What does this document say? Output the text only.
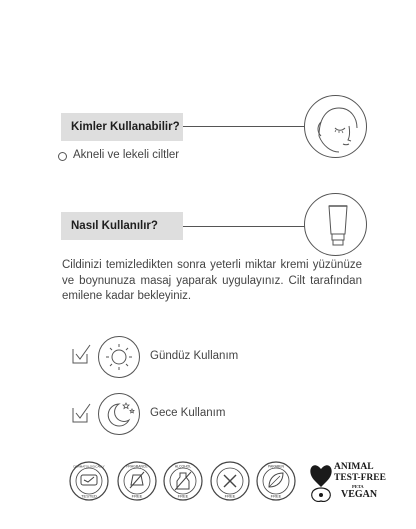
Kimler Kullanabilir?
Akneli ve lekeli ciltler
Nasıl Kullanılır?

Cildinizi temizledikten sonra yeterli miktar kremi yüzünüze ve boynunuza masaj yaparak uygulayınız. Cilt tarafından emilene kadar bekleyiniz.

Gündüz Kullanım
Gece Kullanım
DERMATOLOGICALLY
TESTED
FRAGRANCE
FREE
ALCOHOL
FREE	FREE
PARABEN
FREE
ANIMAL
TEST-FREE
PETA
VEGAN
